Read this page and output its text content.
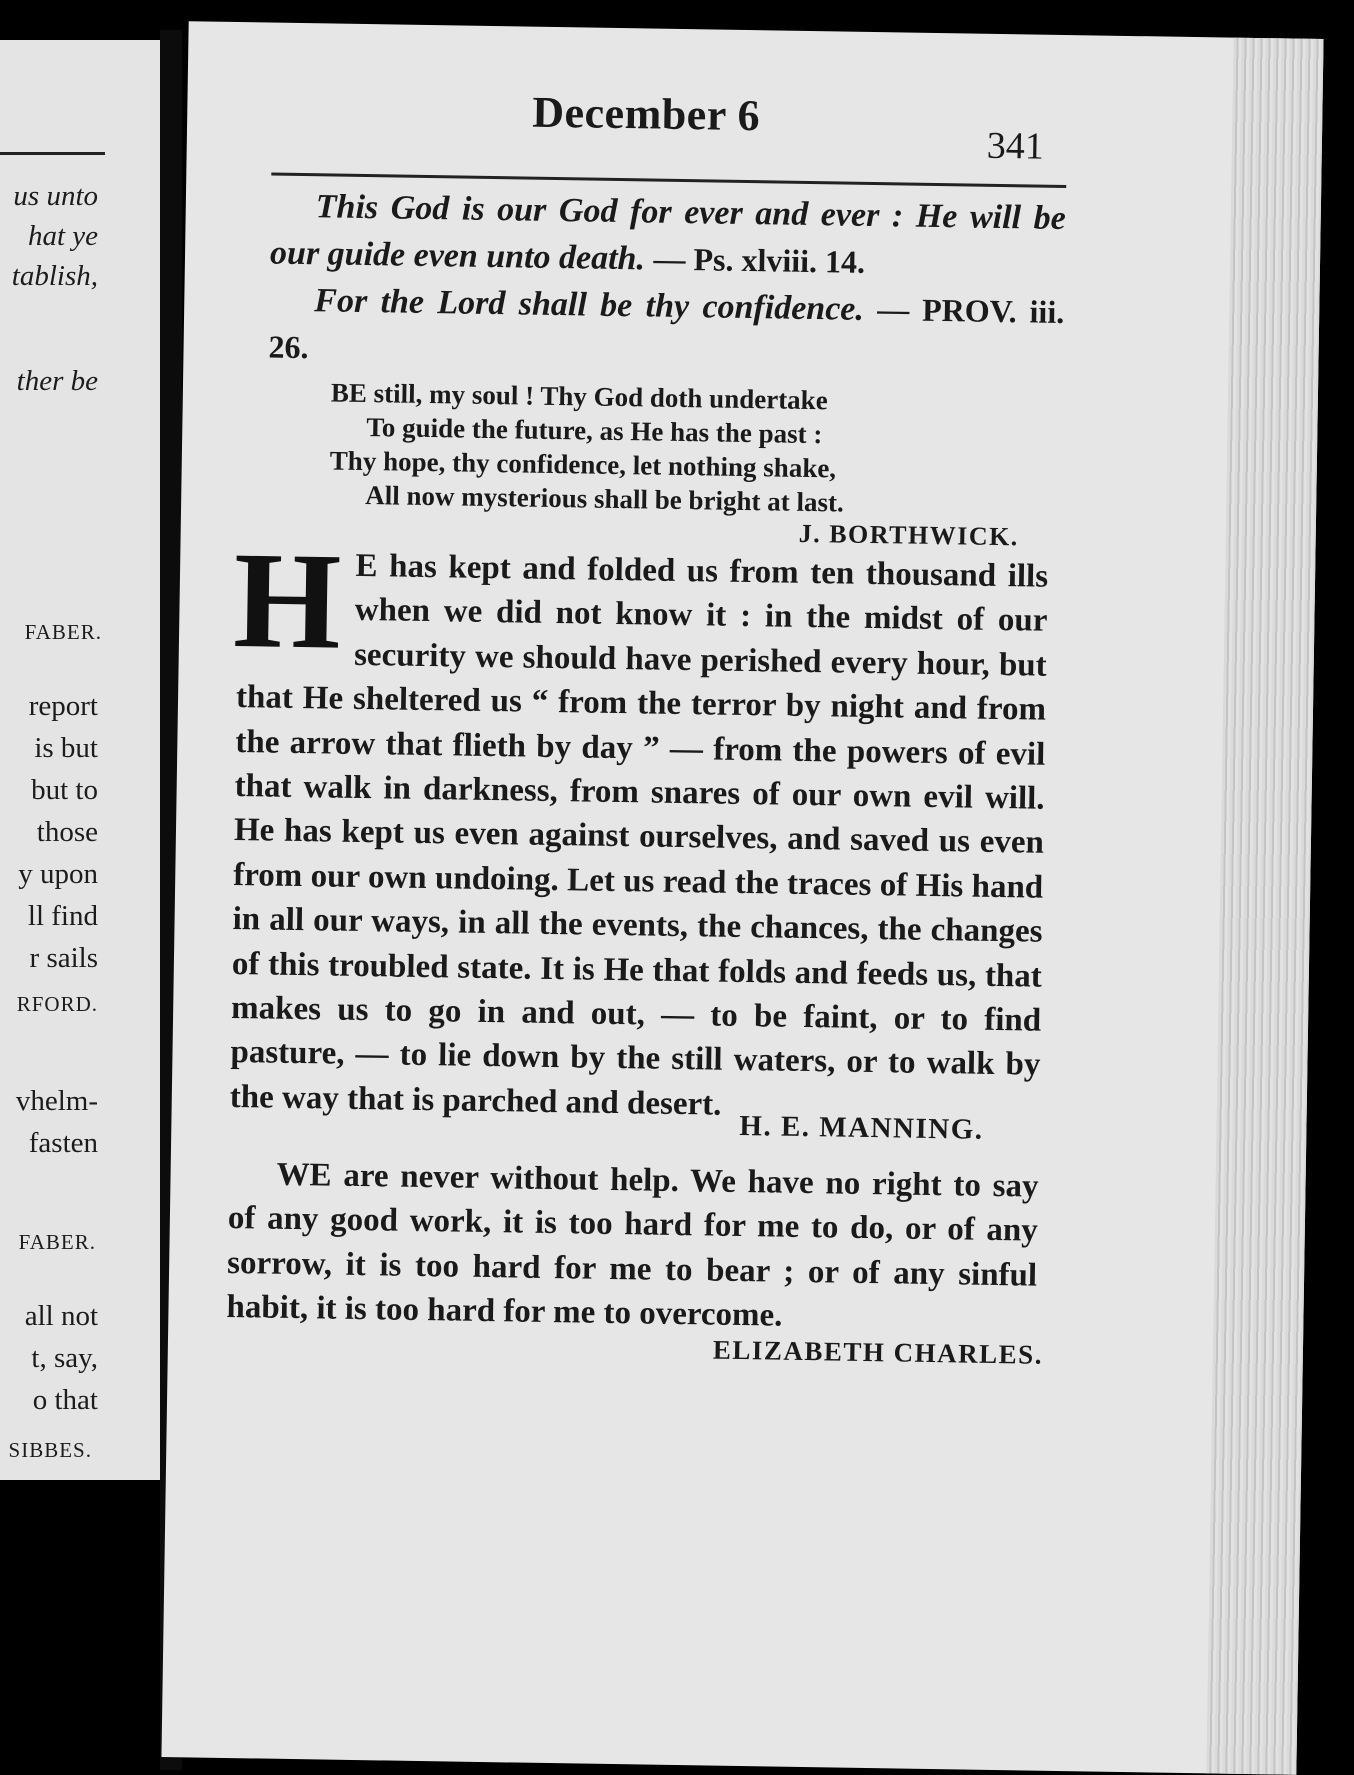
us unto
hat ye
tablish,
ther be
FABER.
report
is but
but to
those
y upon
ll find
r sails
RFORD.
vhelm-
fasten
FABER.
all not
t, say,
o that
SIBBES.
December 6
341

This God is our God for ever and ever : He will be our guide even unto death. — Ps. xlviii. 14.

For the Lord shall be thy confidence. — PROV. iii. 26.

BE still, my soul ! Thy God doth undertake
To guide the future, as He has the past :
Thy hope, thy confidence, let nothing shake,
All now mysterious shall be bright at last.
J. BORTHWICK.

H E has kept and folded us from ten thousand ills when we did not know it : in the midst of our security we should have perished every hour, but that He sheltered us “ from the terror by night and from the arrow that flieth by day ” — from the powers of evil that walk in darkness, from snares of our own evil will. He has kept us even against ourselves, and saved us even from our own undoing. Let us read the traces of His hand in all our ways, in all the events, the chances, the changes of this troubled state. It is He that folds and feeds us, that makes us to go in and out, — to be faint, or to find pasture, — to lie down by the still waters, or to walk by the way that is parched and desert.

H. E. MANNING.

WE are never without help. We have no right to say of any good work, it is too hard for me to do, or of any sorrow, it is too hard for me to bear ; or of any sinful habit, it is too hard for me to overcome.

ELIZABETH CHARLES.
